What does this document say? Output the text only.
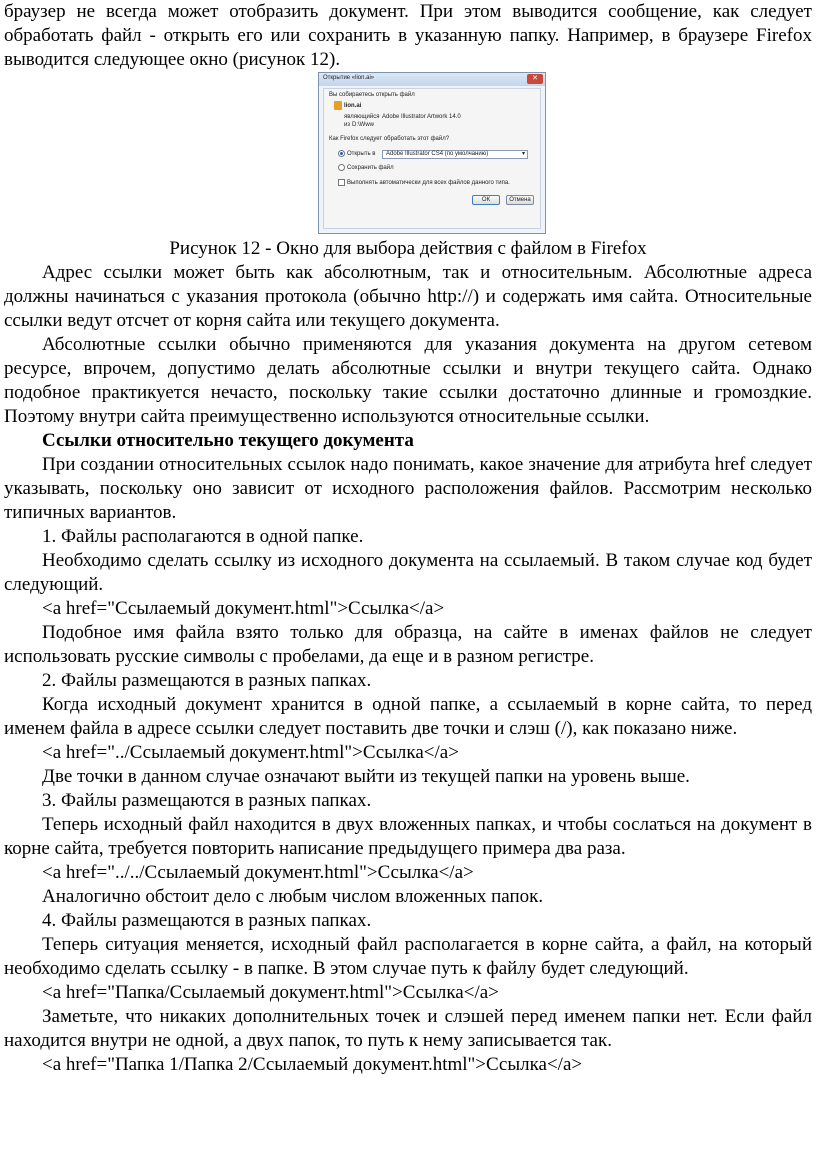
браузер не всегда может отобразить документ. При этом выводится сообщение, как следует обработать файл - открыть его или сохранить в указанную папку. Например, в браузере Firefox выводится следующее окно (рисунок 12).

Открытие «lion.ai»	✕
Вы собираетесь открыть файл
lion.ai
являющийся Adobe Illustrator Artwork 14.0
из D:\Www
Как Firefox следует обработать этот файл?
Открыть в	Adobe Illustrator CS4 (по умолчанию)	▾
Сохранить файл
Выполнять автоматически для всех файлов данного типа.
ОК	Отмена

Рисунок 12 - Окно для выбора действия с файлом в Firefox

Адрес ссылки может быть как абсолютным, так и относительным. Абсолютные адреса должны начинаться с указания протокола (обычно http://) и содержать имя сайта. Относительные ссылки ведут отсчет от корня сайта или текущего документа.

Абсолютные ссылки обычно применяются для указания документа на другом сетевом ресурсе, впрочем, допустимо делать абсолютные ссылки и внутри текущего сайта. Однако подобное практикуется нечасто, поскольку такие ссылки достаточно длинные и громоздкие. Поэтому внутри сайта преимущественно используются относительные ссылки.

Ссылки относительно текущего документа

При создании относительных ссылок надо понимать, какое значение для атрибута href следует указывать, поскольку оно зависит от исходного расположения файлов. Рассмотрим несколько типичных вариантов.

1. Файлы располагаются в одной папке.

Необходимо сделать ссылку из исходного документа на ссылаемый. В таком случае код будет следующий.

<a href="Ссылаемый документ.html">Ссылка</a>

Подобное имя файла взято только для образца, на сайте в именах файлов не следует использовать русские символы с пробелами, да еще и в разном регистре.

2. Файлы размещаются в разных папках.

Когда исходный документ хранится в одной папке, а ссылаемый в корне сайта, то перед именем файла в адресе ссылки следует поставить две точки и слэш (/), как показано ниже.

<a href="../Ссылаемый документ.html">Ссылка</a>

Две точки в данном случае означают выйти из текущей папки на уровень выше.

3. Файлы размещаются в разных папках.

Теперь исходный файл находится в двух вложенных папках, и чтобы сослаться на документ в корне сайта, требуется повторить написание предыдущего примера два раза.

<a href="../../Ссылаемый документ.html">Ссылка</a>

Аналогично обстоит дело с любым числом вложенных папок.

4. Файлы размещаются в разных папках.

Теперь ситуация меняется, исходный файл располагается в корне сайта, а файл, на который необходимо сделать ссылку - в папке. В этом случае путь к файлу будет следующий.

<a href="Папка/Ссылаемый документ.html">Ссылка</a>

Заметьте, что никаких дополнительных точек и слэшей перед именем папки нет. Если файл находится внутри не одной, а двух папок, то путь к нему записывается так.

<a href="Папка 1/Папка 2/Ссылаемый документ.html">Ссылка</a>
